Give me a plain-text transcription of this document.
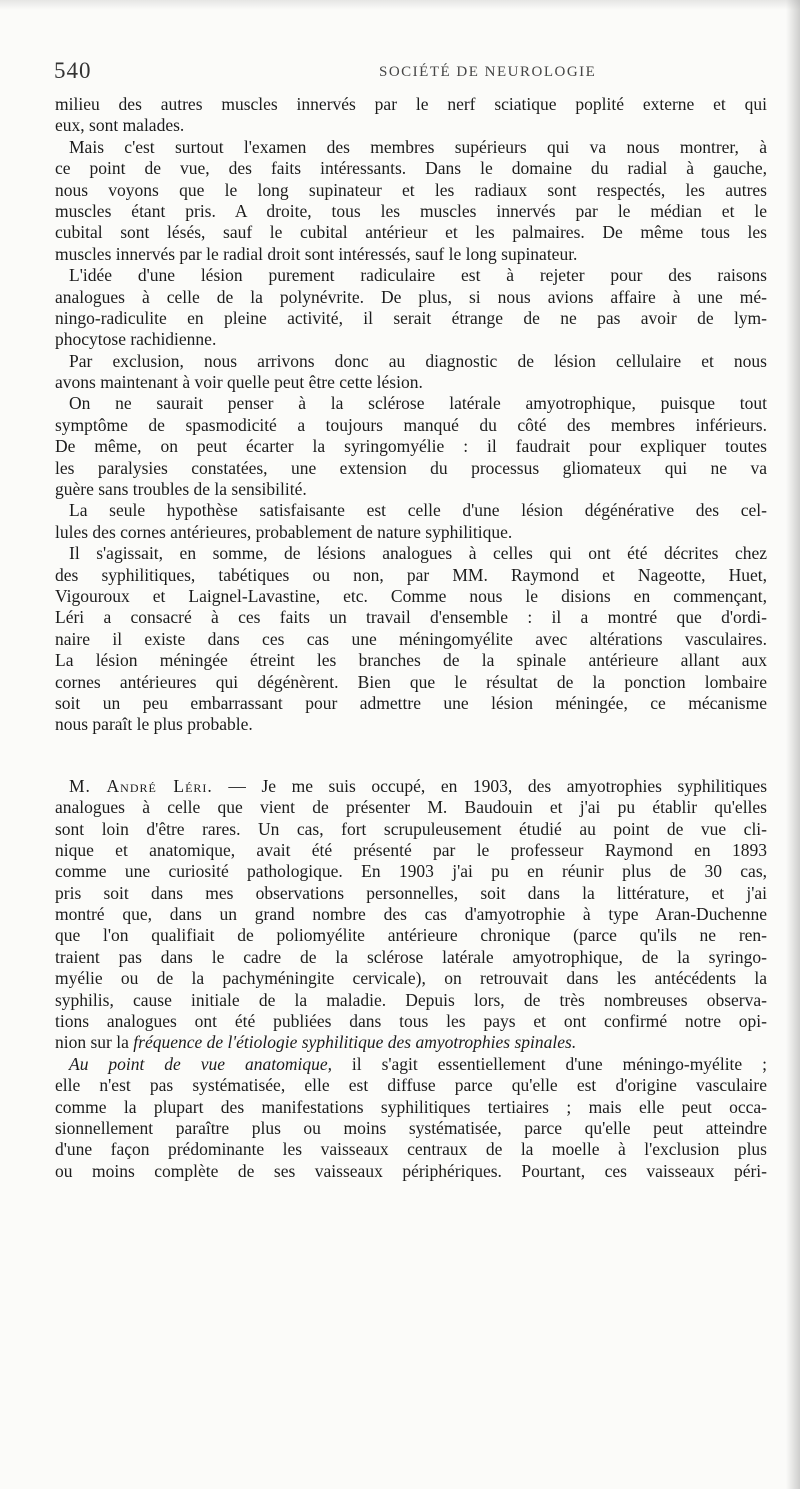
540	SOCIÉTÉ DE NEUROLOGIE
milieu des autres muscles innervés par le nerf sciatique poplité externe et qui
eux, sont malades.
Mais c'est surtout l'examen des membres supérieurs qui va nous montrer, à
ce point de vue, des faits intéressants. Dans le domaine du radial à gauche,
nous voyons que le long supinateur et les radiaux sont respectés, les autres
muscles étant pris. A droite, tous les muscles innervés par le médian et le
cubital sont lésés, sauf le cubital antérieur et les palmaires. De même tous les
muscles innervés par le radial droit sont intéressés, sauf le long supinateur.
L'idée d'une lésion purement radiculaire est à rejeter pour des raisons
analogues à celle de la polynévrite. De plus, si nous avions affaire à une mé-
ningo-radiculite en pleine activité, il serait étrange de ne pas avoir de lym-
phocytose rachidienne.
Par exclusion, nous arrivons donc au diagnostic de lésion cellulaire et nous
avons maintenant à voir quelle peut être cette lésion.
On ne saurait penser à la sclérose latérale amyotrophique, puisque tout
symptôme de spasmodicité a toujours manqué du côté des membres inférieurs.
De même, on peut écarter la syringomyélie : il faudrait pour expliquer toutes
les paralysies constatées, une extension du processus gliomateux qui ne va
guère sans troubles de la sensibilité.
La seule hypothèse satisfaisante est celle d'une lésion dégénérative des cel-
lules des cornes antérieures, probablement de nature syphilitique.
Il s'agissait, en somme, de lésions analogues à celles qui ont été décrites chez
des syphilitiques, tabétiques ou non, par MM. Raymond et Nageotte, Huet,
Vigouroux et Laignel-Lavastine, etc. Comme nous le disions en commençant,
Léri a consacré à ces faits un travail d'ensemble : il a montré que d'ordi-
naire il existe dans ces cas une méningomyélite avec altérations vasculaires.
La lésion méningée étreint les branches de la spinale antérieure allant aux
cornes antérieures qui dégénèrent. Bien que le résultat de la ponction lombaire
soit un peu embarrassant pour admettre une lésion méningée, ce mécanisme
nous paraît le plus probable.
M. André Léri. — Je me suis occupé, en 1903, des amyotrophies syphilitiques
analogues à celle que vient de présenter M. Baudouin et j'ai pu établir qu'elles
sont loin d'être rares. Un cas, fort scrupuleusement étudié au point de vue cli-
nique et anatomique, avait été présenté par le professeur Raymond en 1893
comme une curiosité pathologique. En 1903 j'ai pu en réunir plus de 30 cas,
pris soit dans mes observations personnelles, soit dans la littérature, et j'ai
montré que, dans un grand nombre des cas d'amyotrophie à type Aran-Duchenne
que l'on qualifiait de poliomyélite antérieure chronique (parce qu'ils ne ren-
traient pas dans le cadre de la sclérose latérale amyotrophique, de la syringo-
myélie ou de la pachyméningite cervicale), on retrouvait dans les antécédents la
syphilis, cause initiale de la maladie. Depuis lors, de très nombreuses observa-
tions analogues ont été publiées dans tous les pays et ont confirmé notre opi-
nion sur la fréquence de l'étiologie syphilitique des amyotrophies spinales.
Au point de vue anatomique, il s'agit essentiellement d'une méningo-myélite ;
elle n'est pas systématisée, elle est diffuse parce qu'elle est d'origine vasculaire
comme la plupart des manifestations syphilitiques tertiaires ; mais elle peut occa-
sionnellement paraître plus ou moins systématisée, parce qu'elle peut atteindre
d'une façon prédominante les vaisseaux centraux de la moelle à l'exclusion plus
ou moins complète de ses vaisseaux périphériques. Pourtant, ces vaisseaux péri-
